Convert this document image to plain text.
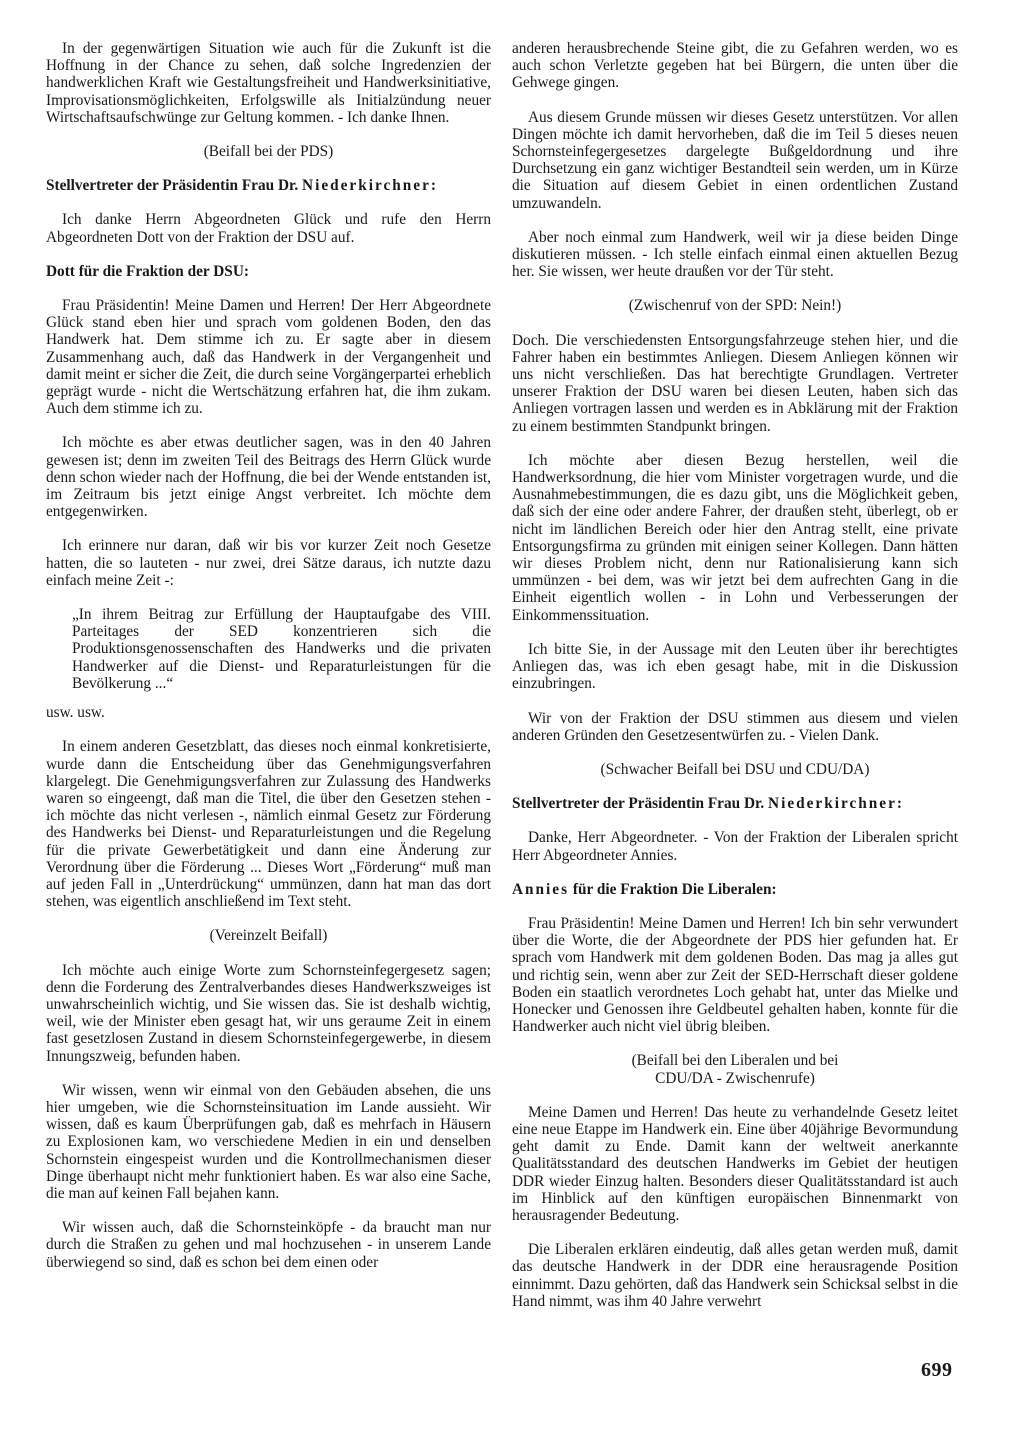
In der gegenwärtigen Situation wie auch für die Zukunft ist die Hoffnung in der Chance zu sehen, daß solche Ingredenzien der handwerklichen Kraft wie Gestaltungsfreiheit und Handwerksinitiative, Improvisationsmöglichkeiten, Erfolgswille als Initialzündung neuer Wirtschaftsaufschwünge zur Geltung kommen. - Ich danke Ihnen.

(Beifall bei der PDS)

Stellvertreter der Präsidentin Frau Dr. Niederkirchner:

Ich danke Herrn Abgeordneten Glück und rufe den Herrn Abgeordneten Dott von der Fraktion der DSU auf.

Dott für die Fraktion der DSU:

Frau Präsidentin! Meine Damen und Herren! Der Herr Abgeordnete Glück stand eben hier und sprach vom goldenen Boden, den das Handwerk hat. Dem stimme ich zu. Er sagte aber in diesem Zusammenhang auch, daß das Handwerk in der Vergangenheit und damit meint er sicher die Zeit, die durch seine Vorgängerpartei erheblich geprägt wurde - nicht die Wertschätzung erfahren hat, die ihm zukam. Auch dem stimme ich zu.

Ich möchte es aber etwas deutlicher sagen, was in den 40 Jahren gewesen ist; denn im zweiten Teil des Beitrags des Herrn Glück wurde denn schon wieder nach der Hoffnung, die bei der Wende entstanden ist, im Zeitraum bis jetzt einige Angst verbreitet. Ich möchte dem entgegenwirken.

Ich erinnere nur daran, daß wir bis vor kurzer Zeit noch Gesetze hatten, die so lauteten - nur zwei, drei Sätze daraus, ich nutzte dazu einfach meine Zeit -:

„In ihrem Beitrag zur Erfüllung der Hauptaufgabe des VIII. Parteitages der SED konzentrieren sich die Produktionsgenossenschaften des Handwerks und die privaten Handwerker auf die Dienst- und Reparaturleistungen für die Bevölkerung ...“

usw. usw.

In einem anderen Gesetzblatt, das dieses noch einmal konkretisierte, wurde dann die Entscheidung über das Genehmigungsverfahren klargelegt. Die Genehmigungsverfahren zur Zulassung des Handwerks waren so eingeengt, daß man die Titel, die über den Gesetzen stehen - ich möchte das nicht verlesen -, nämlich einmal Gesetz zur Förderung des Handwerks bei Dienst- und Reparaturleistungen und die Regelung für die private Gewerbetätigkeit und dann eine Änderung zur Verordnung über die Förderung ... Dieses Wort „Förderung“ muß man auf jeden Fall in „Unterdrückung“ ummünzen, dann hat man das dort stehen, was eigentlich anschließend im Text steht.

(Vereinzelt Beifall)

Ich möchte auch einige Worte zum Schornsteinfegergesetz sagen; denn die Forderung des Zentralverbandes dieses Handwerkszweiges ist unwahrscheinlich wichtig, und Sie wissen das. Sie ist deshalb wichtig, weil, wie der Minister eben gesagt hat, wir uns geraume Zeit in einem fast gesetzlosen Zustand in diesem Schornsteinfegergewerbe, in diesem Innungszweig, befunden haben.

Wir wissen, wenn wir einmal von den Gebäuden absehen, die uns hier umgeben, wie die Schornsteinsituation im Lande aussieht. Wir wissen, daß es kaum Überprüfungen gab, daß es mehrfach in Häusern zu Explosionen kam, wo verschiedene Medien in ein und denselben Schornstein eingespeist wurden und die Kontrollmechanismen dieser Dinge überhaupt nicht mehr funktioniert haben. Es war also eine Sache, die man auf keinen Fall bejahen kann.

Wir wissen auch, daß die Schornsteinköpfe - da braucht man nur durch die Straßen zu gehen und mal hochzusehen - in unserem Lande überwiegend so sind, daß es schon bei dem einen oder

anderen herausbrechende Steine gibt, die zu Gefahren werden, wo es auch schon Verletzte gegeben hat bei Bürgern, die unten über die Gehwege gingen.

Aus diesem Grunde müssen wir dieses Gesetz unterstützen. Vor allen Dingen möchte ich damit hervorheben, daß die im Teil 5 dieses neuen Schornsteinfegergesetzes dargelegte Bußgeldordnung und ihre Durchsetzung ein ganz wichtiger Bestandteil sein werden, um in Kürze die Situation auf diesem Gebiet in einen ordentlichen Zustand umzuwandeln.

Aber noch einmal zum Handwerk, weil wir ja diese beiden Dinge diskutieren müssen. - Ich stelle einfach einmal einen aktuellen Bezug her. Sie wissen, wer heute draußen vor der Tür steht.

(Zwischenruf von der SPD: Nein!)

Doch. Die verschiedensten Entsorgungsfahrzeuge stehen hier, und die Fahrer haben ein bestimmtes Anliegen. Diesem Anliegen können wir uns nicht verschließen. Das hat berechtigte Grundlagen. Vertreter unserer Fraktion der DSU waren bei diesen Leuten, haben sich das Anliegen vortragen lassen und werden es in Abklärung mit der Fraktion zu einem bestimmten Standpunkt bringen.

Ich möchte aber diesen Bezug herstellen, weil die Handwerksordnung, die hier vom Minister vorgetragen wurde, und die Ausnahmebestimmungen, die es dazu gibt, uns die Möglichkeit geben, daß sich der eine oder andere Fahrer, der draußen steht, überlegt, ob er nicht im ländlichen Bereich oder hier den Antrag stellt, eine private Entsorgungsfirma zu gründen mit einigen seiner Kollegen. Dann hätten wir dieses Problem nicht, denn nur Rationalisierung kann sich ummünzen - bei dem, was wir jetzt bei dem aufrechten Gang in die Einheit eigentlich wollen - in Lohn und Verbesserungen der Einkommenssituation.

Ich bitte Sie, in der Aussage mit den Leuten über ihr berechtigtes Anliegen das, was ich eben gesagt habe, mit in die Diskussion einzubringen.

Wir von der Fraktion der DSU stimmen aus diesem und vielen anderen Gründen den Gesetzesentwürfen zu. - Vielen Dank.

(Schwacher Beifall bei DSU und CDU/DA)

Stellvertreter der Präsidentin Frau Dr. Niederkirchner:

Danke, Herr Abgeordneter. - Von der Fraktion der Liberalen spricht Herr Abgeordneter Annies.

Annies für die Fraktion Die Liberalen:

Frau Präsidentin! Meine Damen und Herren! Ich bin sehr verwundert über die Worte, die der Abgeordnete der PDS hier gefunden hat. Er sprach vom Handwerk mit dem goldenen Boden. Das mag ja alles gut und richtig sein, wenn aber zur Zeit der SED-Herrschaft dieser goldene Boden ein staatlich verordnetes Loch gehabt hat, unter das Mielke und Honecker und Genossen ihre Geldbeutel gehalten haben, konnte für die Handwerker auch nicht viel übrig bleiben.

(Beifall bei den Liberalen und bei
CDU/DA - Zwischenrufe)

Meine Damen und Herren! Das heute zu verhandelnde Gesetz leitet eine neue Etappe im Handwerk ein. Eine über 40jährige Bevormundung geht damit zu Ende. Damit kann der weltweit anerkannte Qualitätsstandard des deutschen Handwerks im Gebiet der heutigen DDR wieder Einzug halten. Besonders dieser Qualitätsstandard ist auch im Hinblick auf den künftigen europäischen Binnenmarkt von herausragender Bedeutung.

Die Liberalen erklären eindeutig, daß alles getan werden muß, damit das deutsche Handwerk in der DDR eine herausragende Position einnimmt. Dazu gehörten, daß das Handwerk sein Schicksal selbst in die Hand nimmt, was ihm 40 Jahre verwehrt

699
